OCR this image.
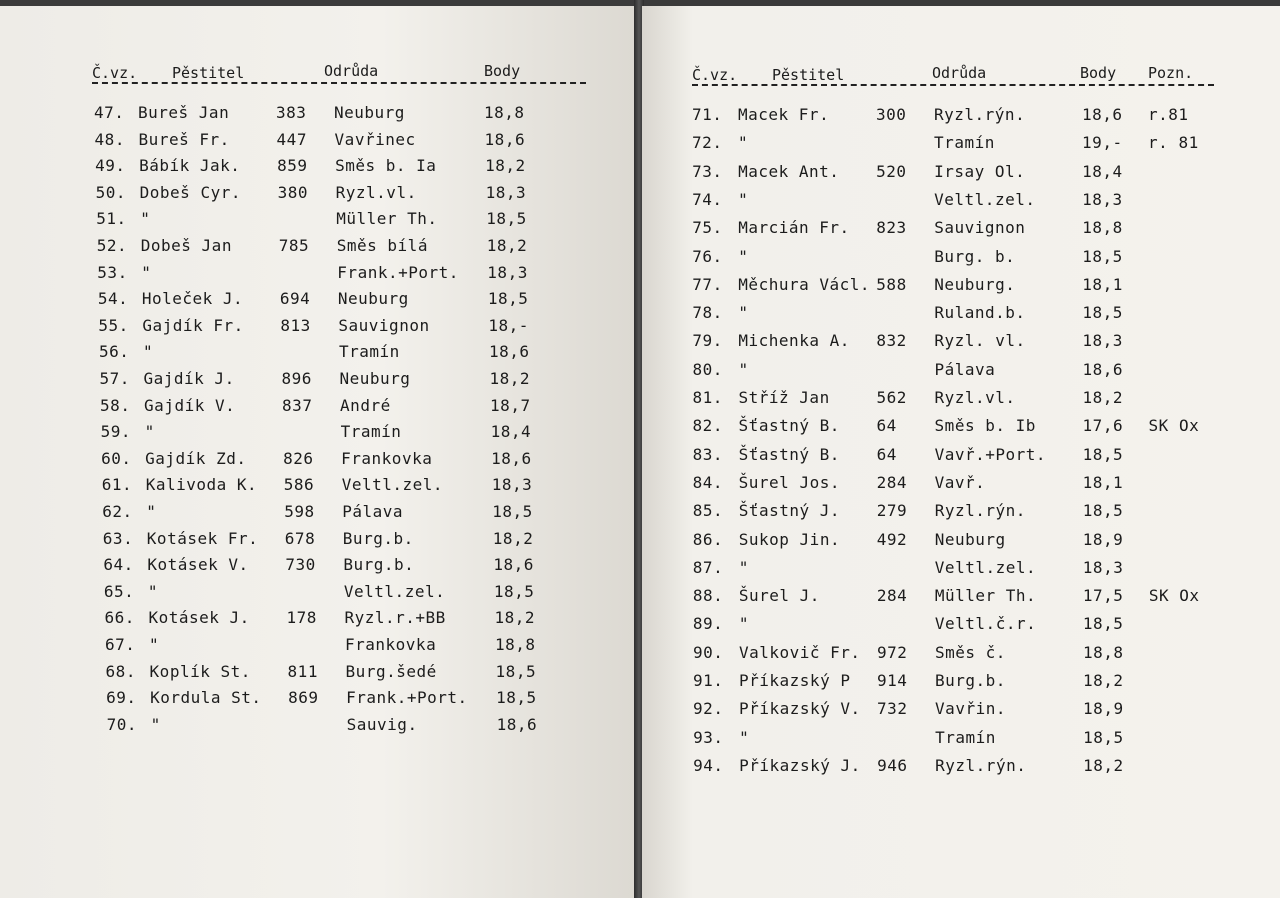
Č.vz. Pěstitel	Odrůda	Body
47. Bureš Jan	383 Neuburg	18,8
48. Bureš Fr.	447 Vavřinec	18,6
49. Bábík Jak. 859 Směs b. Ia	18,2
50. Dobeš Cyr. 380 Ryzl.vl.	18,3
51. "	Müller Th.	18,5
52. Dobeš Jan	785 Směs bílá	18,2
53. "	Frank.+Port. 18,3
54. Holeček J. 694 Neuburg	18,5
55. Gajdík Fr. 813 Sauvignon	18,-
56. "	Tramín	18,6
57. Gajdík J.	896 Neuburg	18,2
58. Gajdík V.	837 André	18,7
59. "	Tramín	18,4
60. Gajdík Zd. 826 Frankovka	18,6
61. Kalivoda K. 586 Veltl.zel.	18,3
62. "	598 Pálava	18,5
63. Kotásek Fr. 678 Burg.b.	18,2
64. Kotásek V. 730 Burg.b.	18,6
65. "	Veltl.zel.	18,5
66. Kotásek J. 178 Ryzl.r.+BB	18,2
67. "	Frankovka	18,8
68. Koplík St. 811 Burg.šedé	18,5
69. Kordula St. 869 Frank.+Port. 18,5
70. "	Sauvig.	18,6
Č.vz. Pěstitel	Odrůda	Body Pozn.
71. Macek Fr.	300 Ryzl.rýn.	18,6 r.81
72. "	Tramín	19,- r. 81
73. Macek Ant. 520 Irsay Ol.	18,4
74. "	Veltl.zel.	18,3
75. Marcián Fr. 823 Sauvignon	18,8
76. "	Burg. b.	18,5
77. Měchura Václ. 588 Neuburg.	18,1
78. "	Ruland.b.	18,5
79. Michenka A. 832 Ryzl. vl.	18,3
80. "	Pálava	18,6
81. Stříž Jan	562 Ryzl.vl.	18,2
82. Šťastný B. 64 Směs b. Ib	17,6 SK Ox
83. Šťastný B. 64 Vavř.+Port. 18,5
84. Šurel Jos. 284 Vavř.	18,1
85. Šťastný J. 279 Ryzl.rýn.	18,5
86. Sukop Jin. 492 Neuburg	18,9
87. "	Veltl.zel.	18,3
88. Šurel J.	284 Müller Th.	17,5 SK Ox
89. "	Veltl.č.r.	18,5
90. Valkovič Fr. 972 Směs č.	18,8
91. Příkazský P 914 Burg.b.	18,2
92. Příkazský V. 732 Vavřin.	18,9
93. "	Tramín	18,5
94. Příkazský J. 946 Ryzl.rýn.	18,2
